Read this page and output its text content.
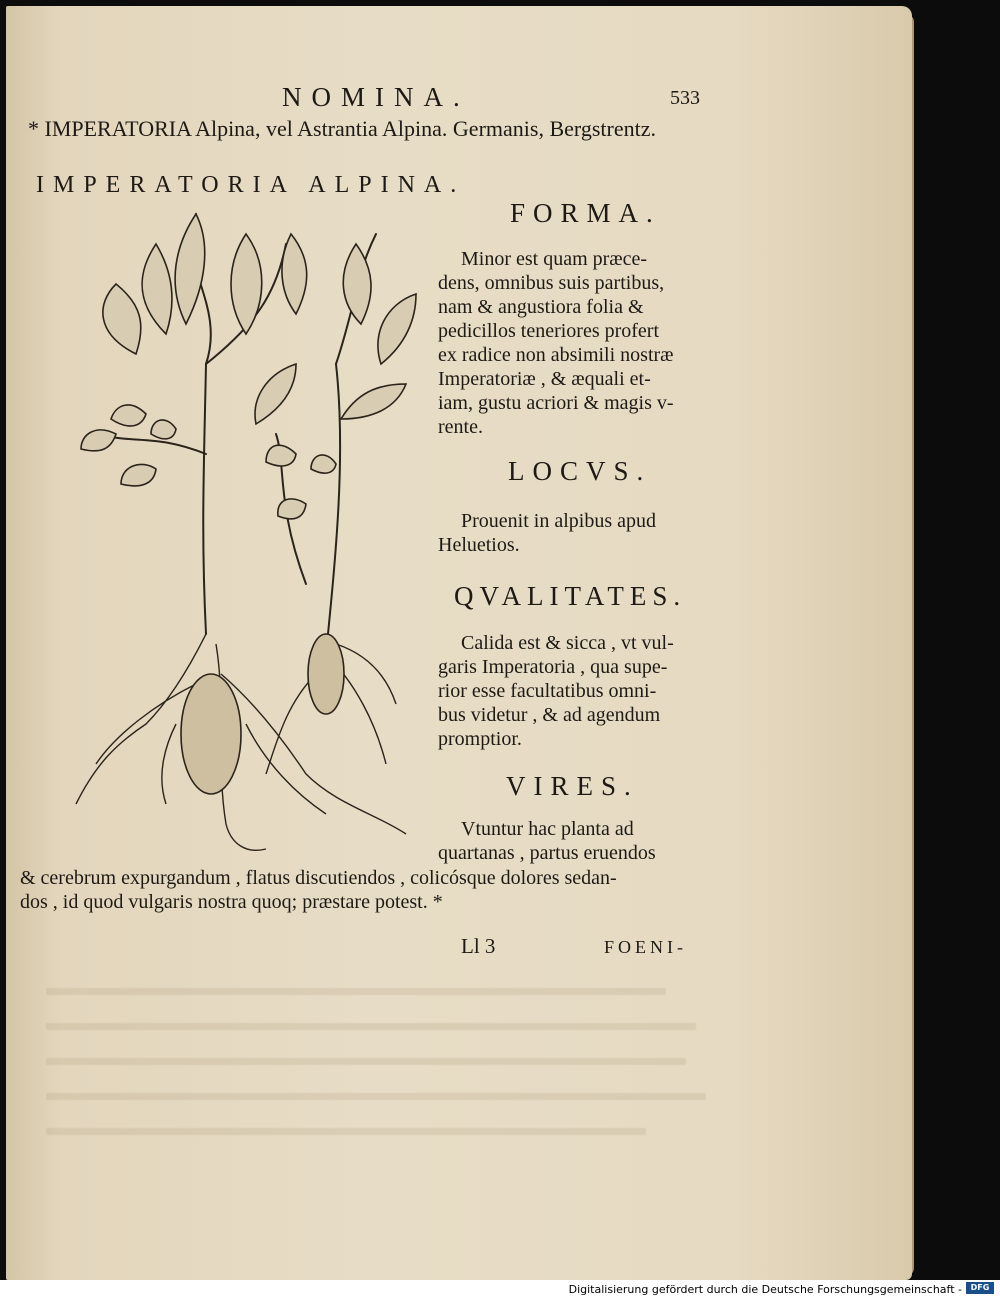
NOMINA.	533
* IMPERATORIA Alpina, vel Astrantia Alpina. Germanis, Bergstrentz.
IMPERATORIA ALPINA.
FORMA.
Minor est quam præce-
dens, omnibus suis partibus,
nam & angustiora folia &
pedicillos teneriores profert
ex radice non absimili nostræ
Imperatoriæ , & æquali et-
iam, gustu acriori & magis v-
rente.
LOCVS.
Prouenit in alpibus apud
Heluetios.
QVALITATES.
Calida est & sicca , vt vul-
garis Imperatoria , qua supe-
rior esse facultatibus omni-
bus videtur , & ad agendum
promptior.
VIRES.
Vtuntur hac planta ad
quartanas , partus eruendos
& cerebrum expurgandum , flatus discutiendos , colicósque dolores sedan-
dos , id quod vulgaris nostra quoq; præstare potest. *
Ll 3	FOENI-
Digitalisierung gefördert durch die Deutsche Forschungsgemeinschaft -	DFG
